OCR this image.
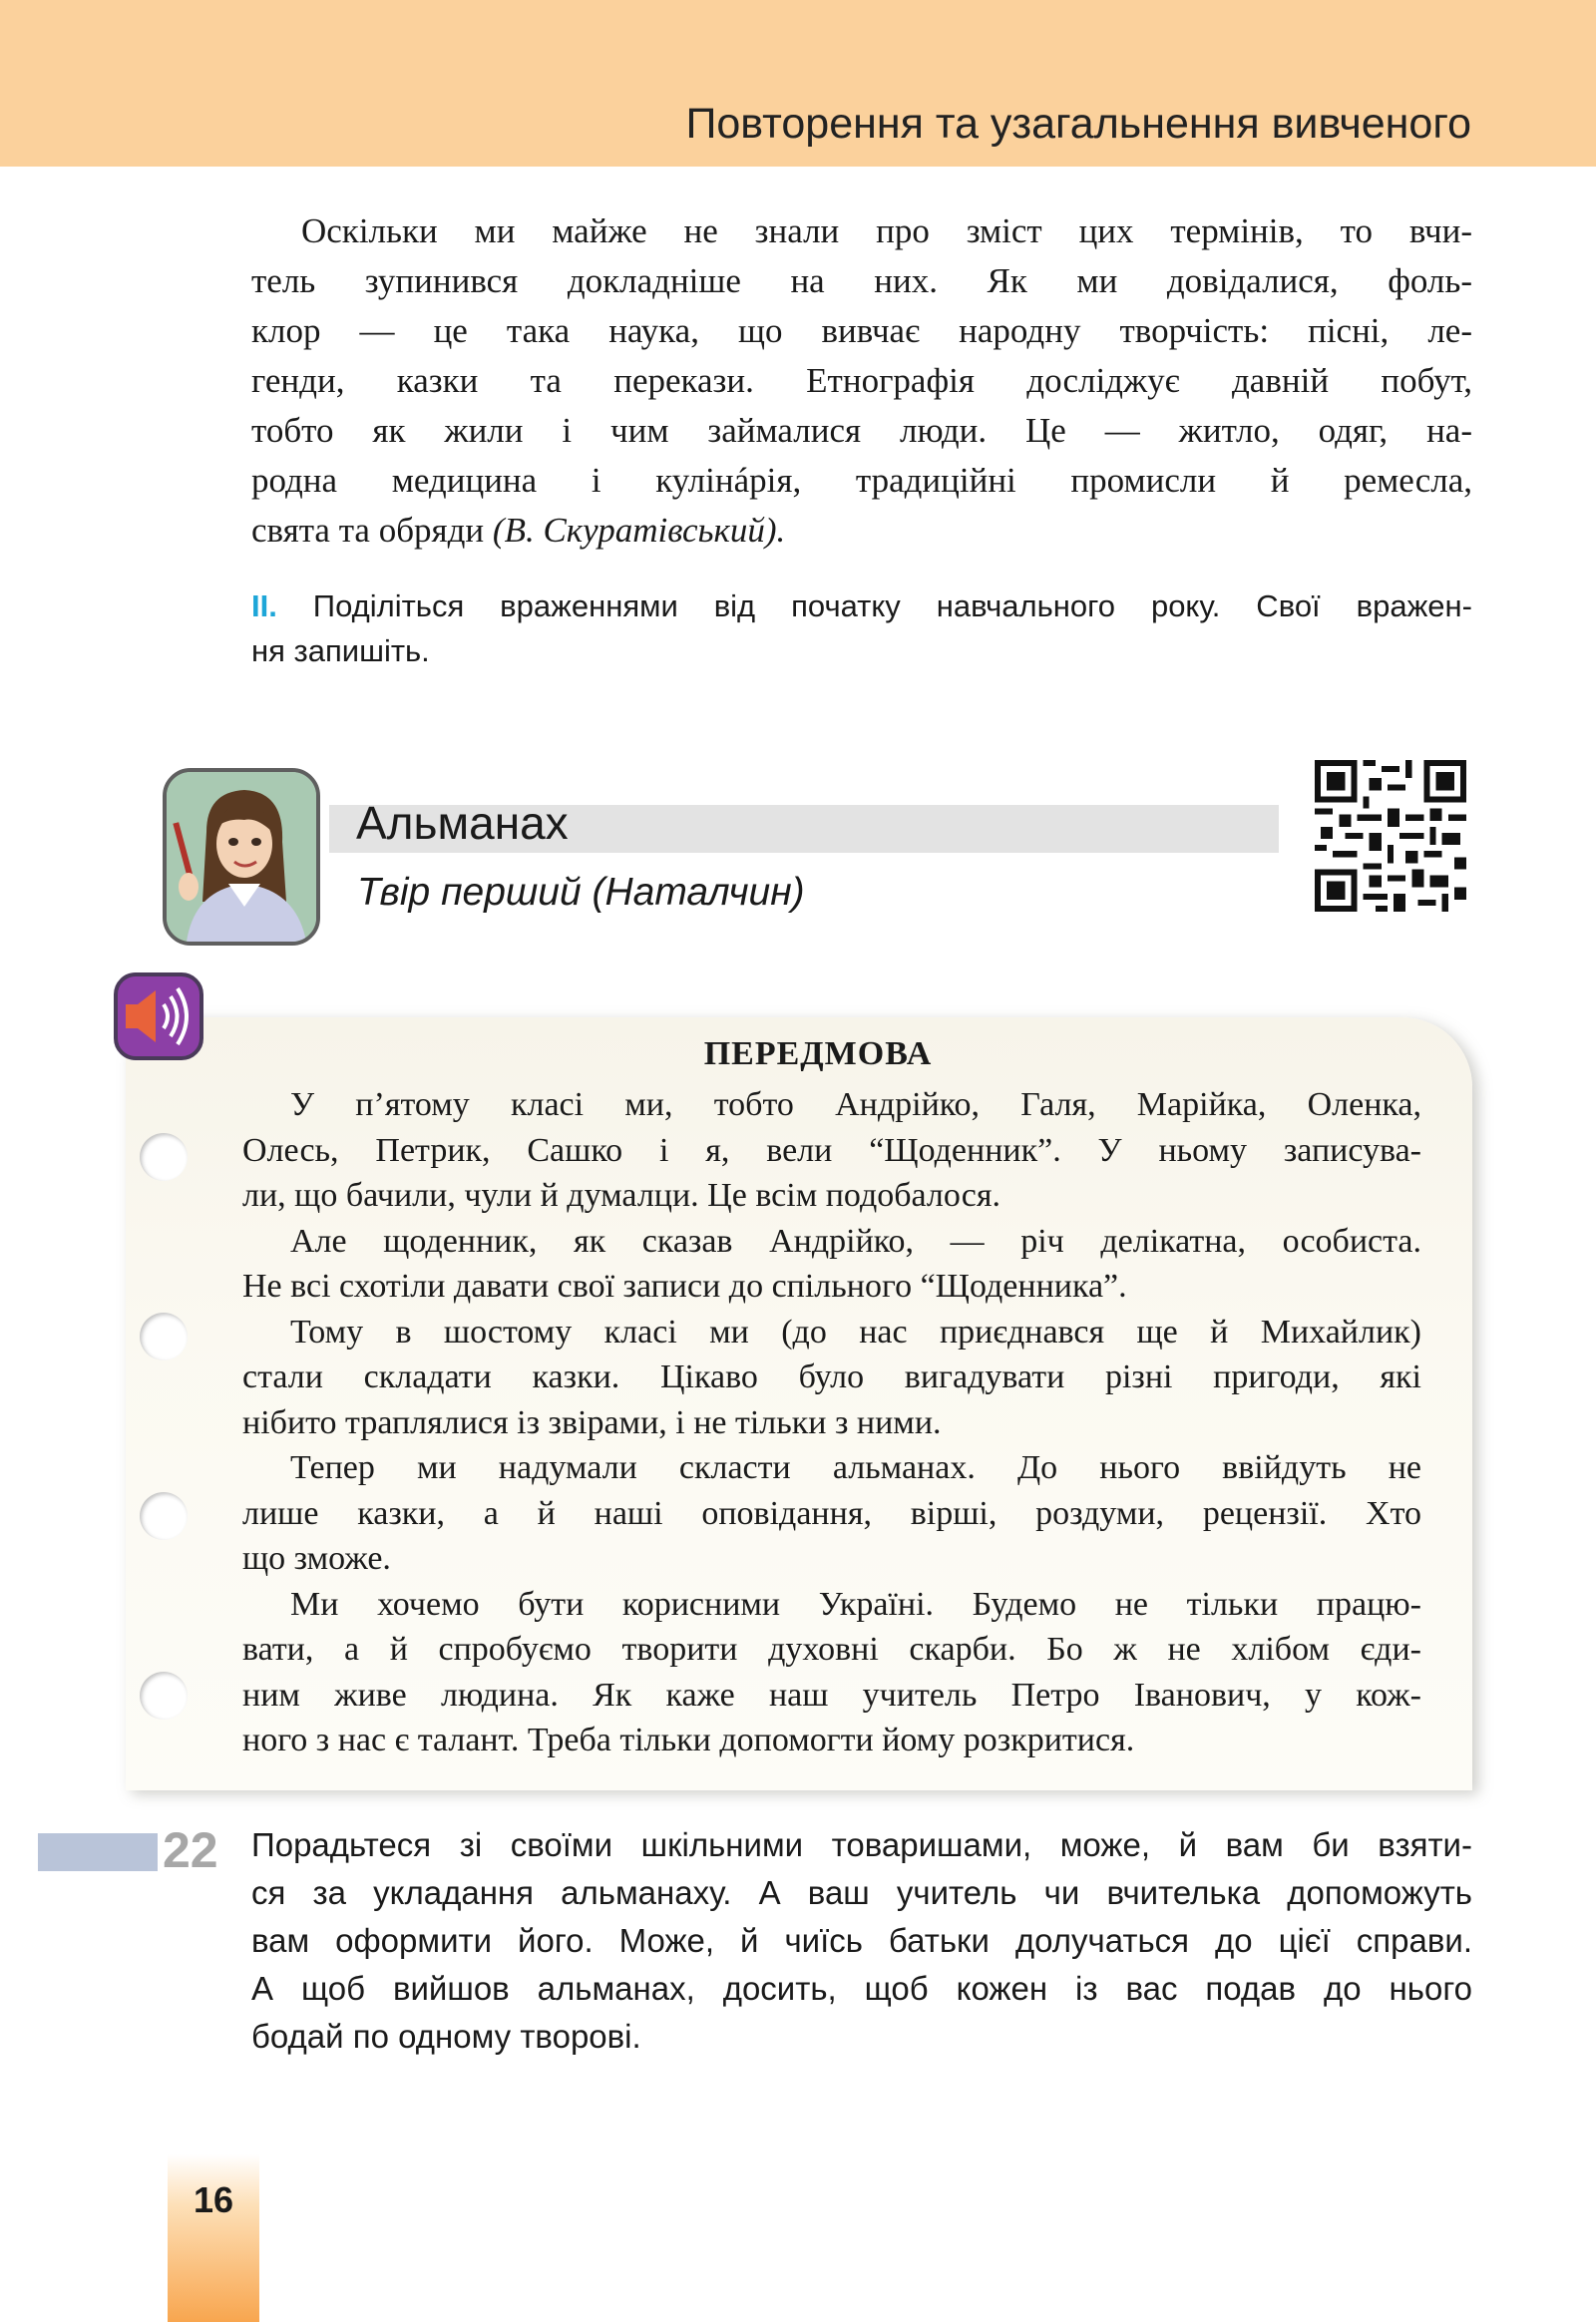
Повторення та узагальнення вивченого
Оскільки ми майже не знали про зміст цих термінів, то вчи-
тель зупинився докладніше на них. Як ми довідалися, фоль-
клор — це така наука, що вивчає народну творчість: пісні, ле-
генди, казки та перекази. Етнографія досліджує давній побут,
тобто як жили і чим займалися люди. Це — житло, одяг, на-
родна медицина і кулінáрія, традиційні промисли й ремесла,
свята та обряди (В. Скуратівський).
II. Поділіться враженнями від початку навчального року. Свої вражен-
ня запишіть.
Альманах
Твір перший (Наталчин)
ПЕРЕДМОВА
У п’ятому класі ми, тобто Андрійко, Галя, Марійка, Оленка,
Олесь, Петрик, Сашко і я, вели “Щоденник”. У ньому записува-
ли, що бачили, чули й думалци. Це всім подобалося.
Але щоденник, як сказав Андрійко, — річ делікатна, особиста.
Не всі схотіли давати свої записи до спільного “Щоденника”.
Тому в шостому класі ми (до нас приєднався ще й Михайлик)
стали складати казки. Цікаво було вигадувати різні пригоди, які
нібито траплялися із звірами, і не тільки з ними.
Тепер ми надумали скласти альманах. До нього ввійдуть не
лише казки, а й наші оповідання, вірші, роздуми, рецензії. Хто
що зможе.
Ми хочемо бути корисними Україні. Будемо не тільки працю-
вати, а й спробуємо творити духовні скарби. Бо ж не хлібом єди-
ним живе людина. Як каже наш учитель Петро Іванович, у кож-
ного з нас є талант. Треба тільки допомогти йому розкритися.
22 Порадьтеся зі своїми шкільними товаришами, може, й вам би взяти-
ся за укладання альманаху. А ваш учитель чи вчителька допоможуть
вам оформити його. Може, й чиїсь батьки долучаться до цієї справи.
А щоб вийшов альманах, досить, щоб кожен із вас подав до нього
бодай по одному творові.
16
